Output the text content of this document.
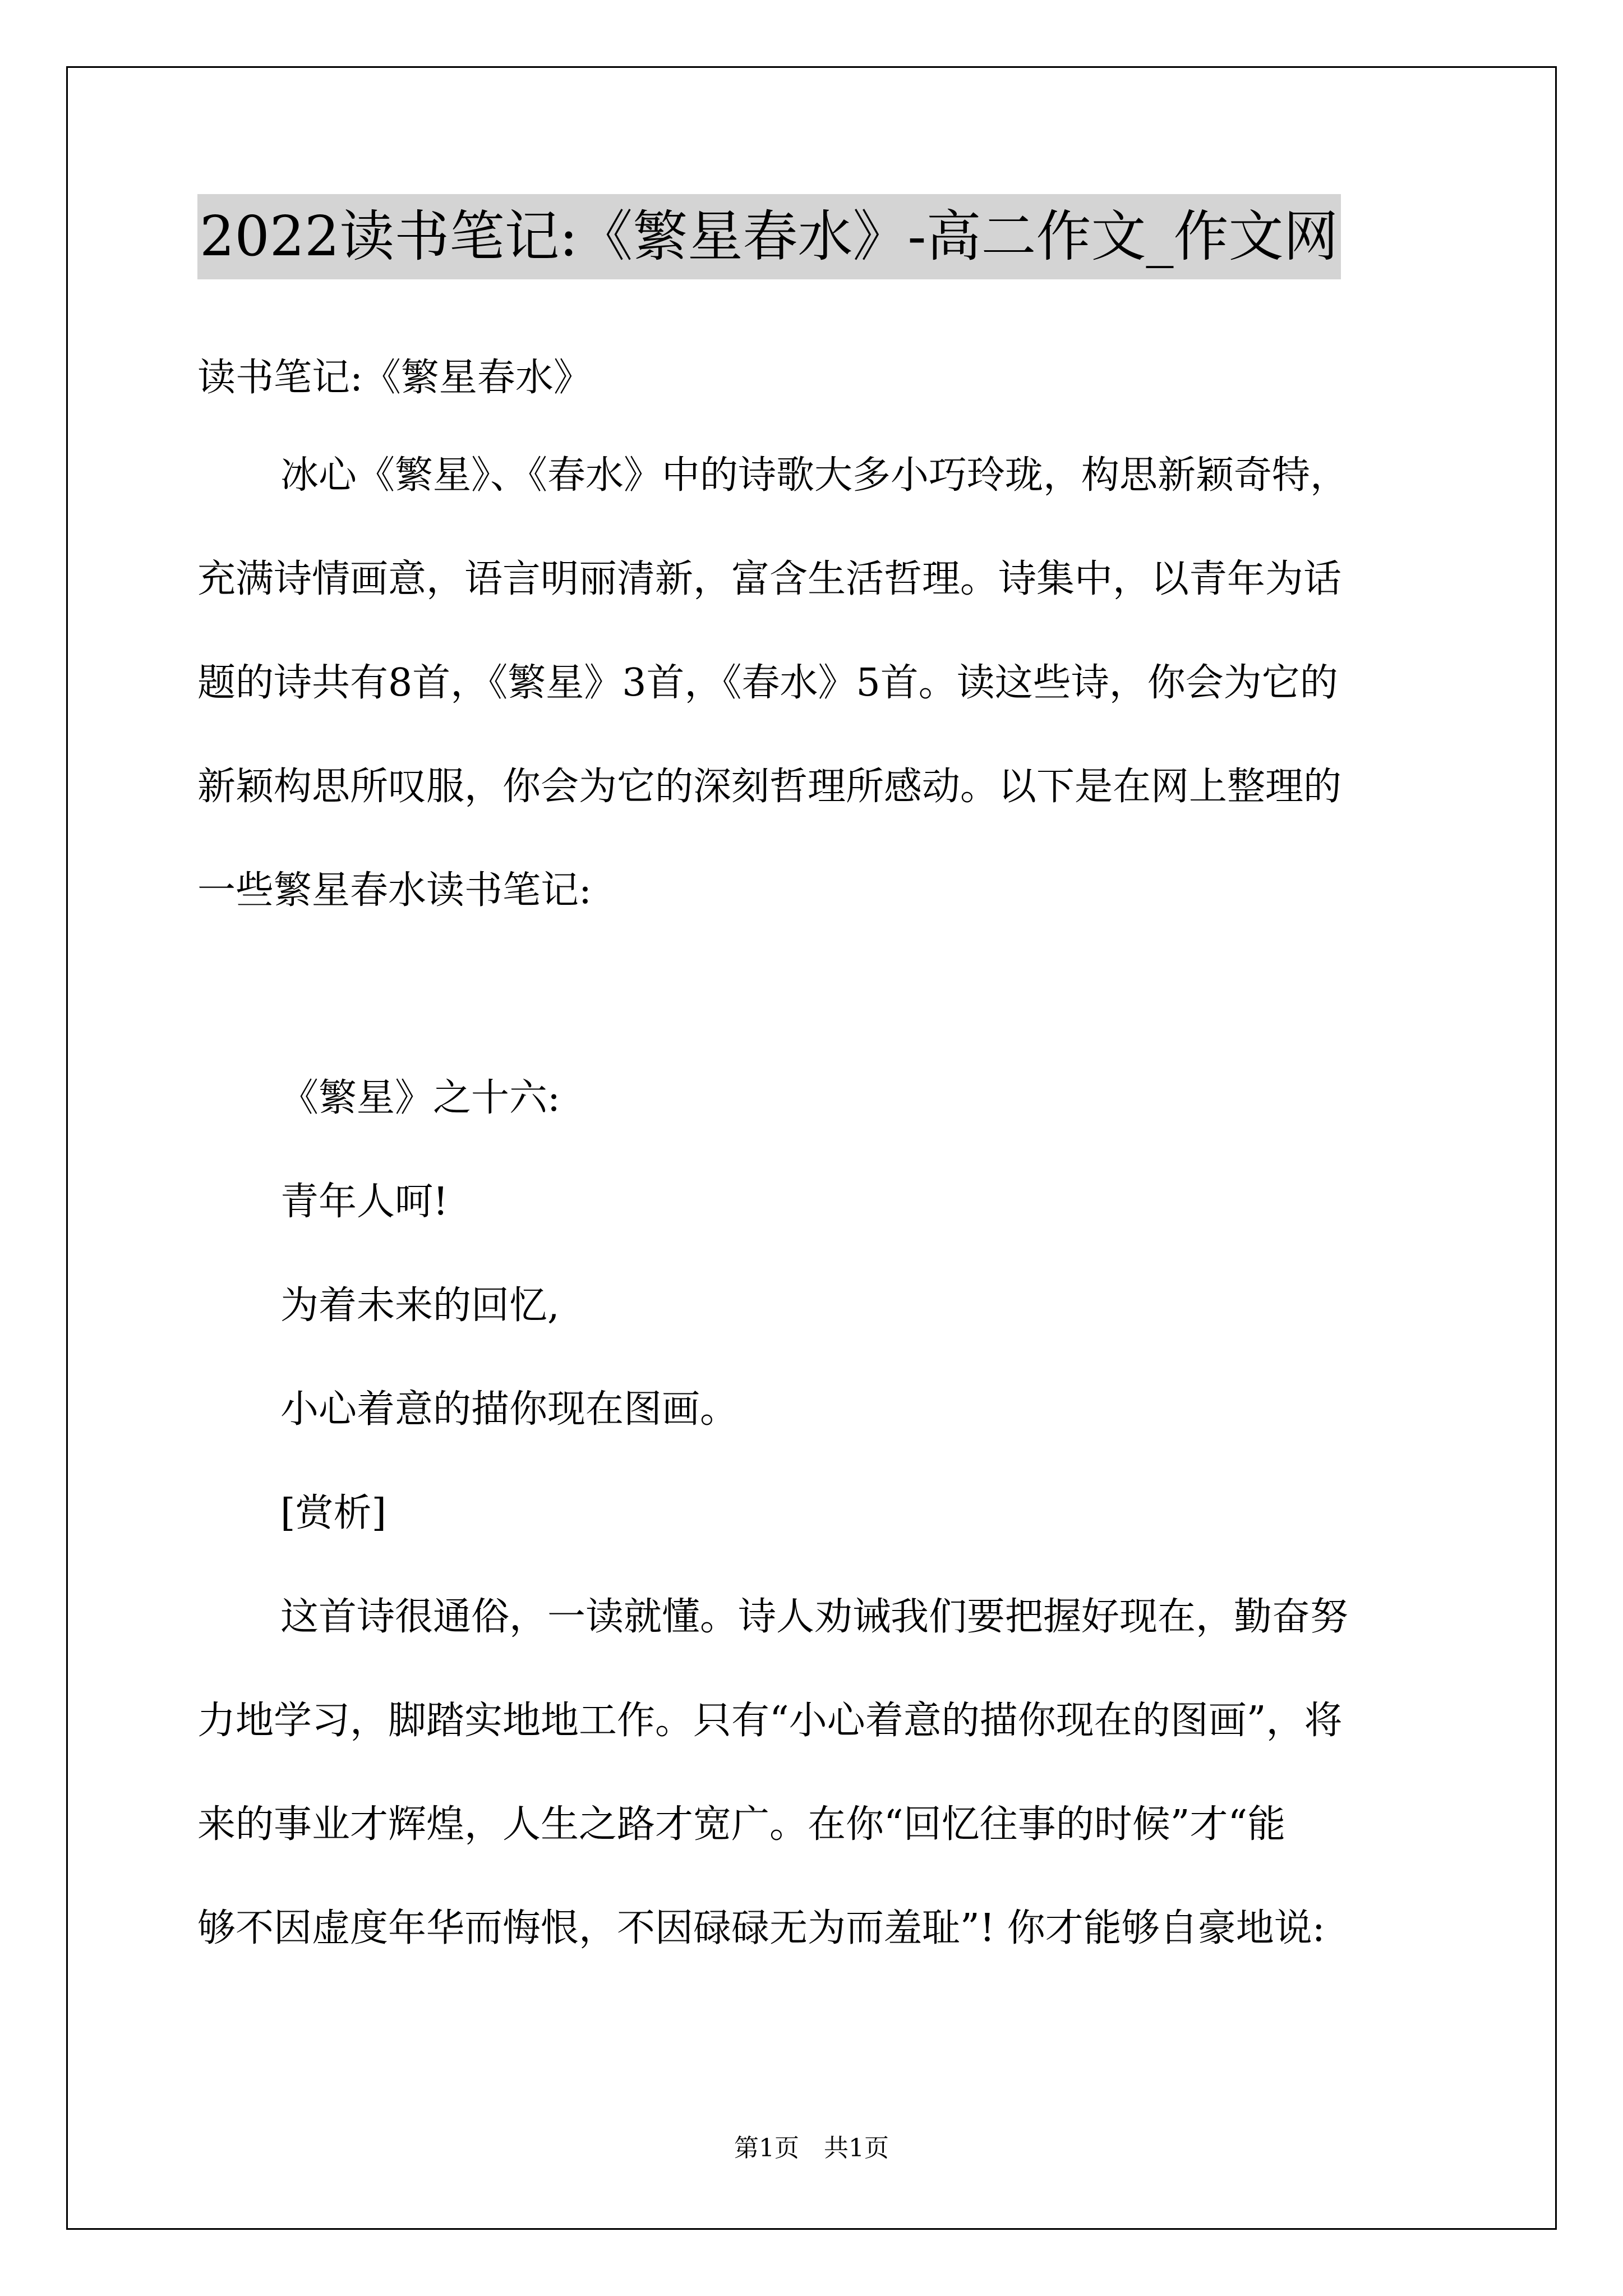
2022读书笔记:《繁星春水》-高二作文_作文网
读书笔记:《繁星春水》
冰心《繁星》、《春水》中的诗歌大多小巧玲珑，构思新颖奇特，
充满诗情画意，语言明丽清新，富含生活哲理。诗集中，以青年为话
题的诗共有8首，《繁星》3首，《春水》5首。读这些诗，你会为它的
新颖构思所叹服，你会为它的深刻哲理所感动。以下是在网上整理的
一些繁星春水读书笔记:
《繁星》之十六:
青年人呵!
为着未来的回忆,
小心着意的描你现在图画。
[赏析]
这首诗很通俗，一读就懂。诗人劝诫我们要把握好现在，勤奋努
力地学习，脚踏实地地工作。只有“小心着意的描你现在的图画”，将
来的事业才辉煌，人生之路才宽广。在你“回忆往事的时候”才“能
够不因虚度年华而悔恨，不因碌碌无为而羞耻”! 你才能够自豪地说:
第1页　共1页
